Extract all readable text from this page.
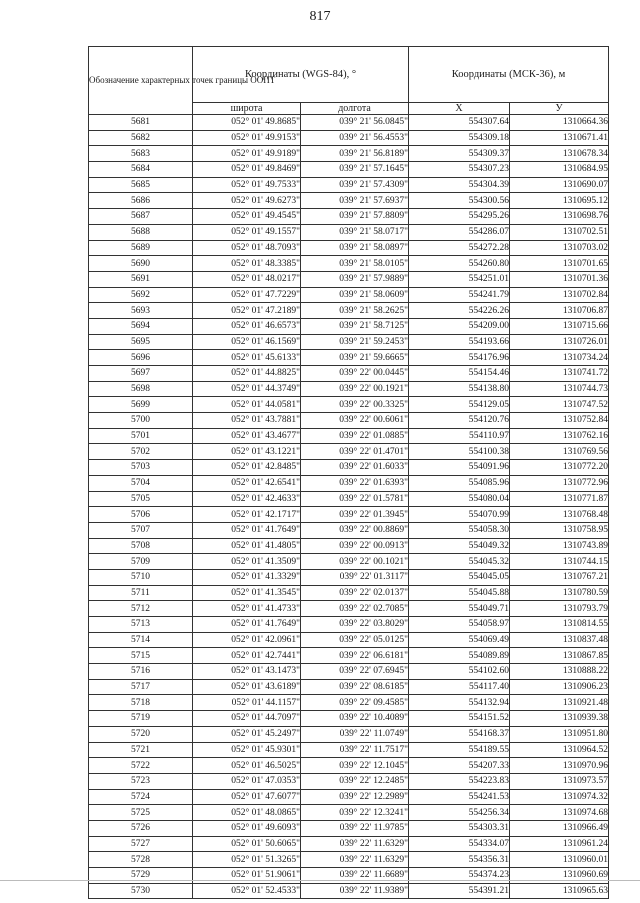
817
Обозначение характерных точек границы ООПТ	Координаты (WGS-84), °		Координаты (МСК-36), м	
	широта	долгота	X	У
5681	052° 01' 49.8685"	039° 21' 56.0845"	554307.64	1310664.36
5682	052° 01' 49.9153"	039° 21' 56.4553"	554309.18	1310671.41
5683	052° 01' 49.9189"	039° 21' 56.8189"	554309.37	1310678.34
5684	052° 01' 49.8469"	039° 21' 57.1645"	554307.23	1310684.95
5685	052° 01' 49.7533"	039° 21' 57.4309"	554304.39	1310690.07
5686	052° 01' 49.6273"	039° 21' 57.6937"	554300.56	1310695.12
5687	052° 01' 49.4545"	039° 21' 57.8809"	554295.26	1310698.76
5688	052° 01' 49.1557"	039° 21' 58.0717"	554286.07	1310702.51
5689	052° 01' 48.7093"	039° 21' 58.0897"	554272.28	1310703.02
5690	052° 01' 48.3385"	039° 21' 58.0105"	554260.80	1310701.65
5691	052° 01' 48.0217"	039° 21' 57.9889"	554251.01	1310701.36
5692	052° 01' 47.7229"	039° 21' 58.0609"	554241.79	1310702.84
5693	052° 01' 47.2189"	039° 21' 58.2625"	554226.26	1310706.87
5694	052° 01' 46.6573"	039° 21' 58.7125"	554209.00	1310715.66
5695	052° 01' 46.1569"	039° 21' 59.2453"	554193.66	1310726.01
5696	052° 01' 45.6133"	039° 21' 59.6665"	554176.96	1310734.24
5697	052° 01' 44.8825"	039° 22' 00.0445"	554154.46	1310741.72
5698	052° 01' 44.3749"	039° 22' 00.1921"	554138.80	1310744.73
5699	052° 01' 44.0581"	039° 22' 00.3325"	554129.05	1310747.52
5700	052° 01' 43.7881"	039° 22' 00.6061"	554120.76	1310752.84
5701	052° 01' 43.4677"	039° 22' 01.0885"	554110.97	1310762.16
5702	052° 01' 43.1221"	039° 22' 01.4701"	554100.38	1310769.56
5703	052° 01' 42.8485"	039° 22' 01.6033"	554091.96	1310772.20
5704	052° 01' 42.6541"	039° 22' 01.6393"	554085.96	1310772.96
5705	052° 01' 42.4633"	039° 22' 01.5781"	554080.04	1310771.87
5706	052° 01' 42.1717"	039° 22' 01.3945"	554070.99	1310768.48
5707	052° 01' 41.7649"	039° 22' 00.8869"	554058.30	1310758.95
5708	052° 01' 41.4805"	039° 22' 00.0913"	554049.32	1310743.89
5709	052° 01' 41.3509"	039° 22' 00.1021"	554045.32	1310744.15
5710	052° 01' 41.3329"	039° 22' 01.3117"	554045.05	1310767.21
5711	052° 01' 41.3545"	039° 22' 02.0137"	554045.88	1310780.59
5712	052° 01' 41.4733"	039° 22' 02.7085"	554049.71	1310793.79
5713	052° 01' 41.7649"	039° 22' 03.8029"	554058.97	1310814.55
5714	052° 01' 42.0961"	039° 22' 05.0125"	554069.49	1310837.48
5715	052° 01' 42.7441"	039° 22' 06.6181"	554089.89	1310867.85
5716	052° 01' 43.1473"	039° 22' 07.6945"	554102.60	1310888.22
5717	052° 01' 43.6189"	039° 22' 08.6185"	554117.40	1310906.23
5718	052° 01' 44.1157"	039° 22' 09.4585"	554132.94	1310921.48
5719	052° 01' 44.7097"	039° 22' 10.4089"	554151.52	1310939.38
5720	052° 01' 45.2497"	039° 22' 11.0749"	554168.37	1310951.80
5721	052° 01' 45.9301"	039° 22' 11.7517"	554189.55	1310964.52
5722	052° 01' 46.5025"	039° 22' 12.1045"	554207.33	1310970.96
5723	052° 01' 47.0353"	039° 22' 12.2485"	554223.83	1310973.57
5724	052° 01' 47.6077"	039° 22' 12.2989"	554241.53	1310974.32
5725	052° 01' 48.0865"	039° 22' 12.3241"	554256.34	1310974.68
5726	052° 01' 49.6093"	039° 22' 11.9785"	554303.31	1310966.49
5727	052° 01' 50.6065"	039° 22' 11.6329"	554334.07	1310961.24
5728	052° 01' 51.3265"	039° 22' 11.6329"	554356.31	1310960.01
5729	052° 01' 51.9061"	039° 22' 11.6689"	554374.23	1310960.69
5730	052° 01' 52.4533"	039° 22' 11.9389"	554391.21	1310965.63
